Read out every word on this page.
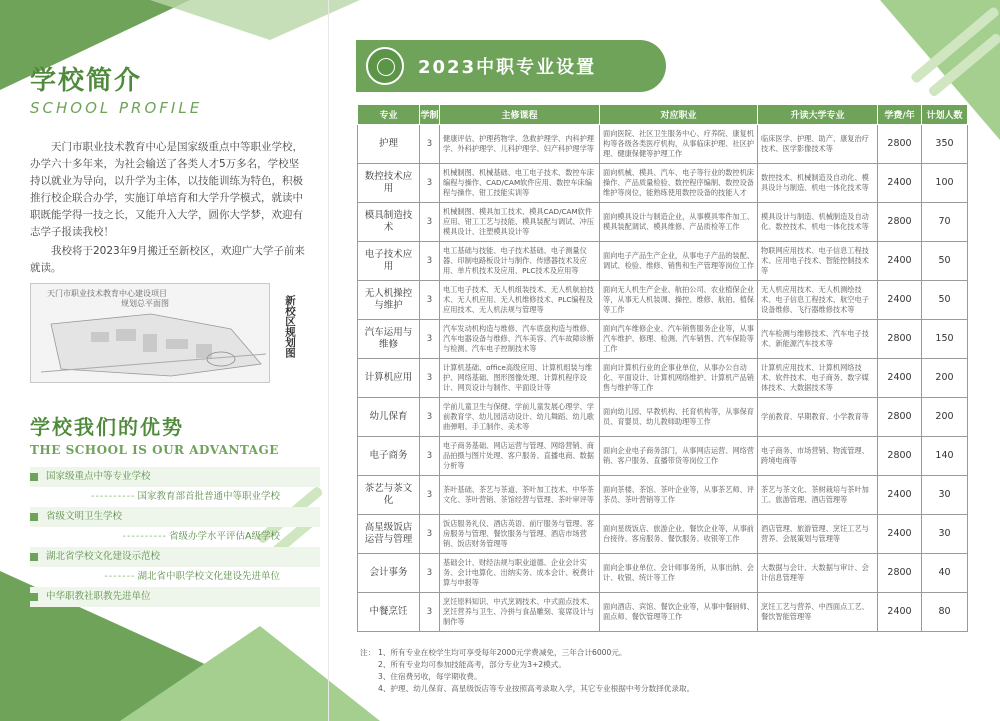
学校简介
SCHOOL PROFILE

天门市职业技术教育中心是国家级重点中等职业学校，办学六十多年来，为社会输送了各类人才5万多名，学校坚持以就业为导向，以升学为主体，以技能训练为特色，积极推行校企联合办学，实施订单培育和大学升学模式，就读中职既能学得一技之长，又能升入大学，圆你大学梦，欢迎有志学子报读我校！

我校将于2023年9月搬迁至新校区，欢迎广大学子前来就读。

天门市职业技术教育中心建设项目
规划总平面图	新校区规划图
学校我们的优势
THE SCHOOL IS OUR ADVANTAGE
国家级重点中等专业学校
- - - - - - - - - - 国家教育部首批普通中等职业学校
省级文明卫生学校
- - - - - - - - - - 省级办学水平评估A级学校
湖北省学校文化建设示范校
- - - - - - - 湖北省中职学校文化建设先进单位
中华职教社职教先进单位
2023中职专业设置
专业	学制	主修课程	对应职业	升读大学专业	学费/年	计划人数
护理	3	健康评估、护理药物学、急救护理学、内科护理学、外科护理学、儿科护理学、妇产科护理学等	面向医院、社区卫生服务中心、疗养院、康复机构等各级各类医疗机构，从事临床护理、社区护理、健康保健等护理工作	临床医学、护理、助产、康复治疗技术、医学影像技术等	2800	350
数控技术应用	3	机械制图、机械基础、电工电子技术、数控车床编程与操作、CAD/CAM软件应用、数控车床编程与操作、钳工技能实训等	面向机械、模具、汽车、电子等行业的数控机床操作、产品质量检验、数控程序编制、数控设备维护等岗位，能熟练使用数控设备的技能人才	数控技术、机械制造及自动化、模具设计与制造、机电一体化技术等	2400	100
模具制造技术	3	机械制图、模具加工技术、模具CAD/CAM软件应用、钳工工艺与技能、模具装配与调试、冲压模具设计、注塑模具设计等	面向模具设计与制造企业，从事模具零件加工、模具装配调试、模具维修、产品质检等工作	模具设计与制造、机械制造及自动化、数控技术、机电一体化技术等	2800	70
电子技术应用	3	电工基础与技能、电子技术基础、电子测量仪器、印制电路板设计与制作、传感器技术及应用、单片机技术及应用、PLC技术及应用等	面向电子产品生产企业，从事电子产品的装配、调试、检验、维修、销售和生产管理等岗位工作	物联网应用技术、电子信息工程技术、应用电子技术、智能控制技术等	2400	50
无人机操控与维护	3	电工电子技术、无人机组装技术、无人机航拍技术、无人机应用、无人机维修技术、PLC编程及应用技术、无人机法规与管理等	面向无人机生产企业、航拍公司、农业植保企业等，从事无人机装调、操控、维修、航拍、植保等工作	无人机应用技术、无人机测绘技术、电子信息工程技术、航空电子设备维修、飞行器维修技术等	2400	50
汽车运用与维修	3	汽车发动机构造与维修、汽车底盘构造与维修、汽车电器设备与维修、汽车美容、汽车故障诊断与检测、汽车电子控制技术等	面向汽车维修企业、汽车销售服务企业等，从事汽车维护、修理、检测、汽车销售、汽车保险等工作	汽车检测与维修技术、汽车电子技术、新能源汽车技术等	2800	150
计算机应用	3	计算机基础、office高级应用、计算机组装与维护、网络基础、图形图像处理、计算机程序设计、网页设计与制作、平面设计等	面向计算机行业的企事业单位，从事办公自动化、平面设计、计算机网络维护、计算机产品销售与维护等工作	计算机应用技术、计算机网络技术、软件技术、电子商务、数字媒体技术、大数据技术等	2400	200
幼儿保育	3	学前儿童卫生与保健、学前儿童发展心理学、学前教育学、幼儿园活动设计、幼儿舞蹈、幼儿歌曲弹唱、手工制作、美术等	面向幼儿园、早教机构、托育机构等，从事保育员、育婴员、幼儿教师助理等工作	学前教育、早期教育、小学教育等	2800	200
电子商务	3	电子商务基础、网店运营与管理、网络营销、商品拍摄与图片处理、客户服务、直播电商、数据分析等	面向企业电子商务部门，从事网店运营、网络营销、客户服务、直播带货等岗位工作	电子商务、市场营销、物流管理、跨境电商等	2800	140
茶艺与茶文化	3	茶叶基础、茶艺与茶道、茶叶加工技术、中华茶文化、茶叶营销、茶馆经营与管理、茶叶审评等	面向茶楼、茶馆、茶叶企业等，从事茶艺师、评茶员、茶叶营销等工作	茶艺与茶文化、茶树栽培与茶叶加工、旅游管理、酒店管理等	2400	30
高星级饭店运营与管理	3	饭店服务礼仪、酒店英语、前厅服务与管理、客房服务与管理、餐饮服务与管理、酒店市场营销、饭店财务管理等	面向星级饭店、旅游企业、餐饮企业等，从事前台接待、客房服务、餐饮服务、收银等工作	酒店管理、旅游管理、烹饪工艺与营养、会展策划与管理等	2400	30
会计事务	3	基础会计、财经法规与职业道德、企业会计实务、会计电算化、出纳实务、成本会计、税费计算与申报等	面向企事业单位、会计师事务所，从事出纳、会计、收银、统计等工作	大数据与会计、大数据与审计、会计信息管理等	2800	40
中餐烹饪	3	烹饪原料知识、中式烹调技术、中式面点技术、烹饪营养与卫生、冷拼与食品雕刻、宴席设计与制作等	面向酒店、宾馆、餐饮企业等，从事中餐厨师、面点师、餐饮管理等工作	烹饪工艺与营养、中西面点工艺、餐饮智能管理等	2400	80
注： 1、所有专业在校学生均可享受每年2000元学费减免，三年合计6000元。
2、所有专业均可参加技能高考，部分专业为3+2模式。
3、住宿费另收，每学期收费。
4、护理、幼儿保育、高星级饭店等专业按照高考录取入学，其它专业根据中考分数择优录取。
